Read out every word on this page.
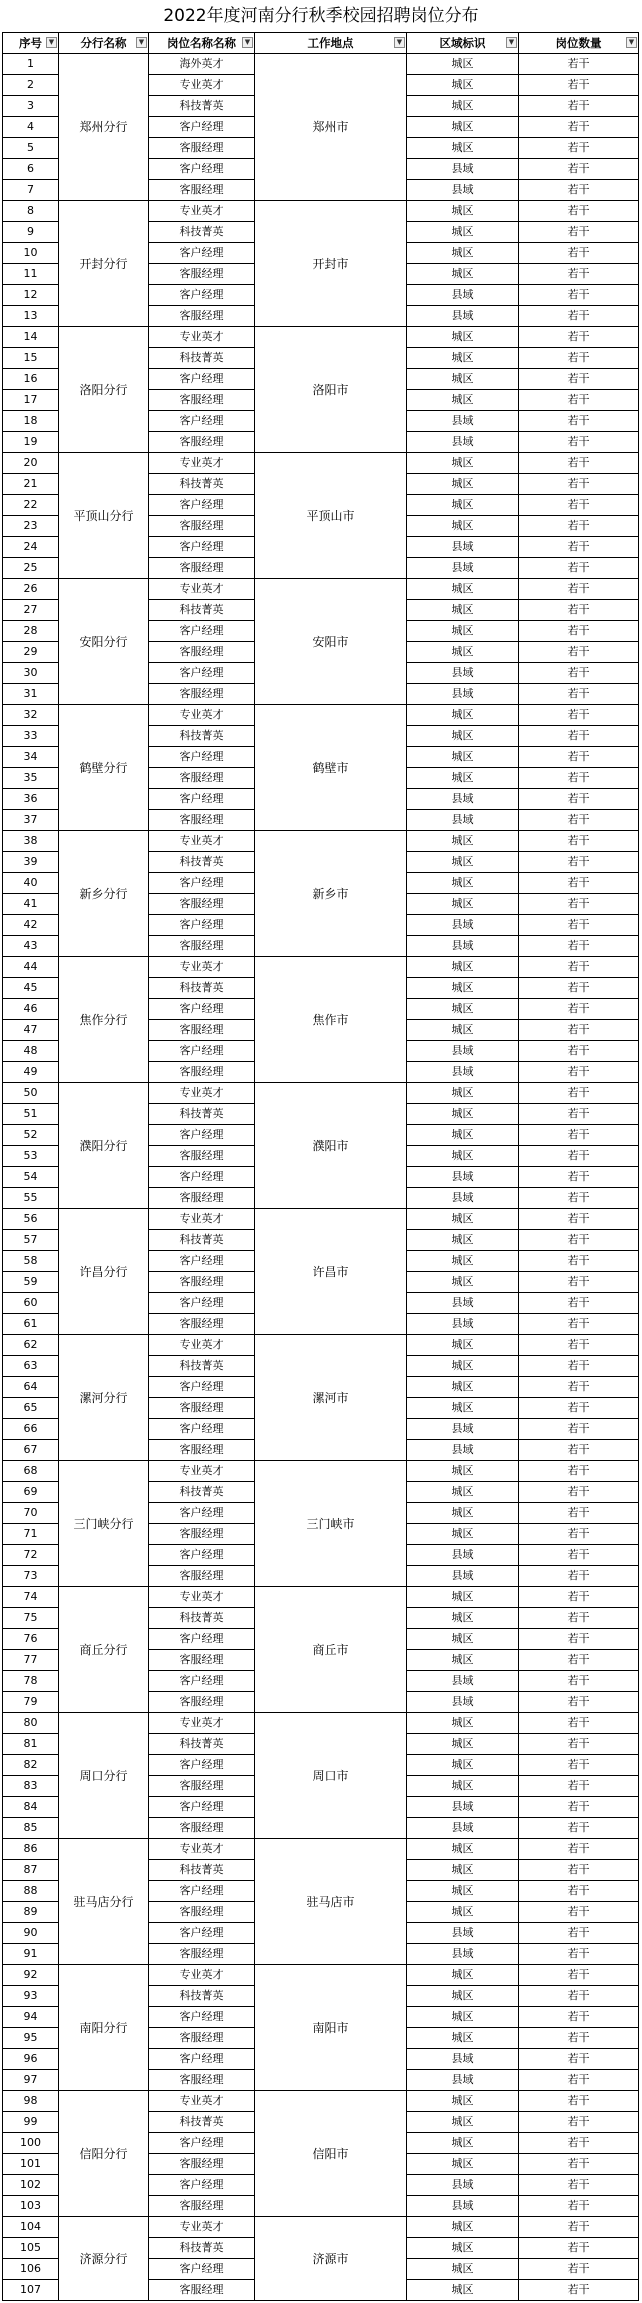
2022年度河南分行秋季校园招聘岗位分布
序号 ▼	分行名称 ▼	岗位名称名称 ▼	工作地点 ▼	区域标识 ▼	岗位数量 ▼

1	郑州分行	海外英才	郑州市	城区	若干
2		专业英才		城区	若干
3		科技菁英		城区	若干
4		客户经理		城区	若干
5		客服经理		城区	若干
6		客户经理		县域	若干
7		客服经理		县域	若干
8	开封分行	专业英才	开封市	城区	若干
9		科技菁英		城区	若干
10		客户经理		城区	若干
11		客服经理		城区	若干
12		客户经理		县域	若干
13		客服经理		县域	若干
14	洛阳分行	专业英才	洛阳市	城区	若干
15		科技菁英		城区	若干
16		客户经理		城区	若干
17		客服经理		城区	若干
18		客户经理		县域	若干
19		客服经理		县域	若干
20	平顶山分行	专业英才	平顶山市	城区	若干
21		科技菁英		城区	若干
22		客户经理		城区	若干
23		客服经理		城区	若干
24		客户经理		县域	若干
25		客服经理		县域	若干
26	安阳分行	专业英才	安阳市	城区	若干
27		科技菁英		城区	若干
28		客户经理		城区	若干
29		客服经理		城区	若干
30		客户经理		县域	若干
31		客服经理		县域	若干
32	鹤壁分行	专业英才	鹤壁市	城区	若干
33		科技菁英		城区	若干
34		客户经理		城区	若干
35		客服经理		城区	若干
36		客户经理		县域	若干
37		客服经理		县域	若干
38	新乡分行	专业英才	新乡市	城区	若干
39		科技菁英		城区	若干
40		客户经理		城区	若干
41		客服经理		城区	若干
42		客户经理		县域	若干
43		客服经理		县域	若干
44	焦作分行	专业英才	焦作市	城区	若干
45		科技菁英		城区	若干
46		客户经理		城区	若干
47		客服经理		城区	若干
48		客户经理		县域	若干
49		客服经理		县域	若干
50	濮阳分行	专业英才	濮阳市	城区	若干
51		科技菁英		城区	若干
52		客户经理		城区	若干
53		客服经理		城区	若干
54		客户经理		县域	若干
55		客服经理		县域	若干
56	许昌分行	专业英才	许昌市	城区	若干
57		科技菁英		城区	若干
58		客户经理		城区	若干
59		客服经理		城区	若干
60		客户经理		县域	若干
61		客服经理		县域	若干
62	漯河分行	专业英才	漯河市	城区	若干
63		科技菁英		城区	若干
64		客户经理		城区	若干
65		客服经理		城区	若干
66		客户经理		县域	若干
67		客服经理		县域	若干
68	三门峡分行	专业英才	三门峡市	城区	若干
69		科技菁英		城区	若干
70		客户经理		城区	若干
71		客服经理		城区	若干
72		客户经理		县域	若干
73		客服经理		县域	若干
74	商丘分行	专业英才	商丘市	城区	若干
75		科技菁英		城区	若干
76		客户经理		城区	若干
77		客服经理		城区	若干
78		客户经理		县域	若干
79		客服经理		县域	若干
80	周口分行	专业英才	周口市	城区	若干
81		科技菁英		城区	若干
82		客户经理		城区	若干
83		客服经理		城区	若干
84		客户经理		县域	若干
85		客服经理		县域	若干
86	驻马店分行	专业英才	驻马店市	城区	若干
87		科技菁英		城区	若干
88		客户经理		城区	若干
89		客服经理		城区	若干
90		客户经理		县域	若干
91		客服经理		县域	若干
92	南阳分行	专业英才	南阳市	城区	若干
93		科技菁英		城区	若干
94		客户经理		城区	若干
95		客服经理		城区	若干
96		客户经理		县域	若干
97		客服经理		县域	若干
98	信阳分行	专业英才	信阳市	城区	若干
99		科技菁英		城区	若干
100		客户经理		城区	若干
101		客服经理		城区	若干
102		客户经理		县域	若干
103		客服经理		县域	若干
104	济源分行	专业英才	济源市	城区	若干
105		科技菁英		城区	若干
106		客户经理		城区	若干
107		客服经理		城区	若干
